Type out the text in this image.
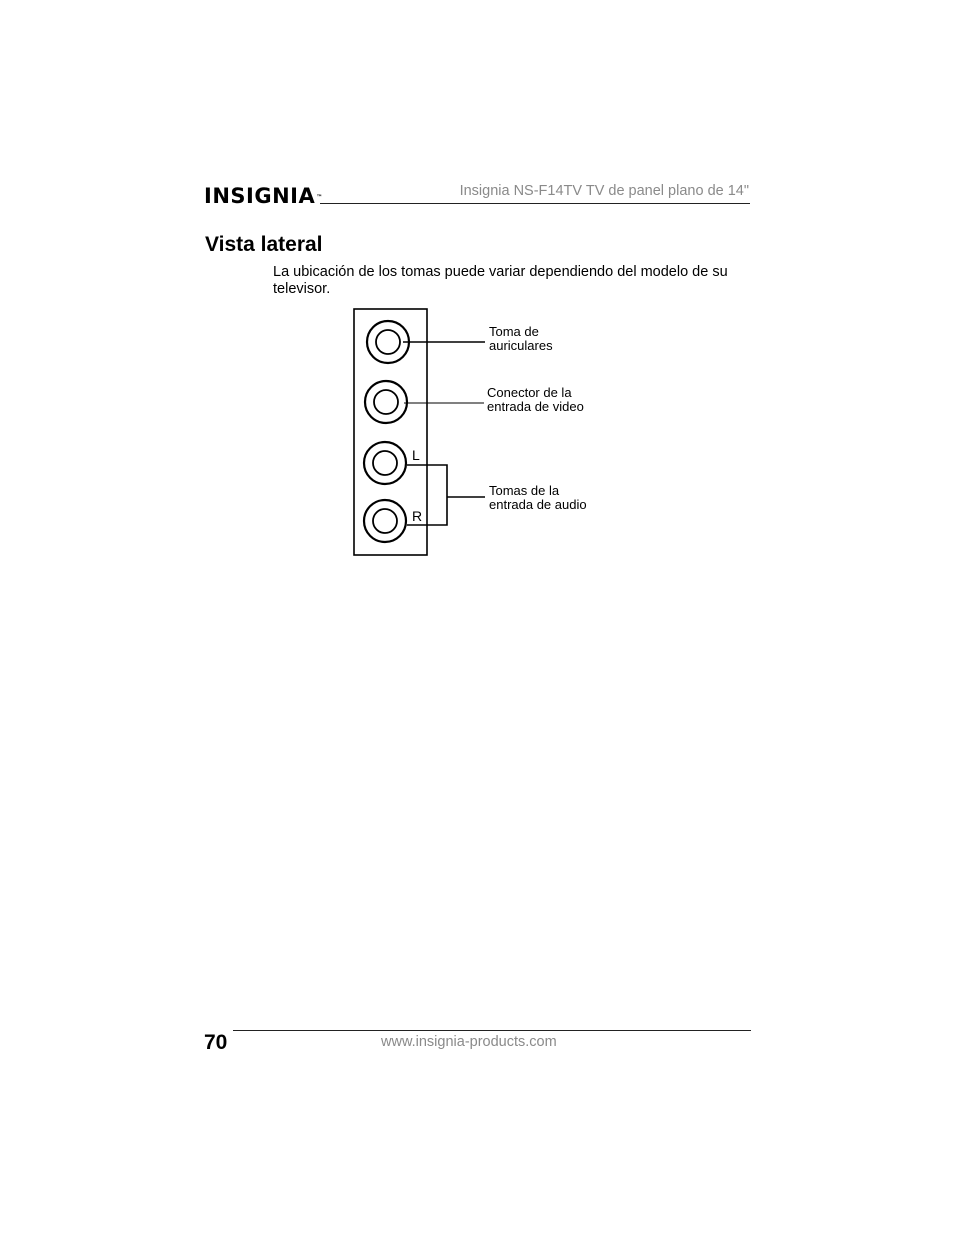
INSIGNIA™	Insignia NS-F14TV TV de panel plano de 14"
Vista lateral
La ubicación de los tomas puede variar dependiendo del modelo de su televisor.
L
R
Toma de auriculares
Conector de la entrada de video
Tomas de la entrada de audio
70	www.insignia-products.com
